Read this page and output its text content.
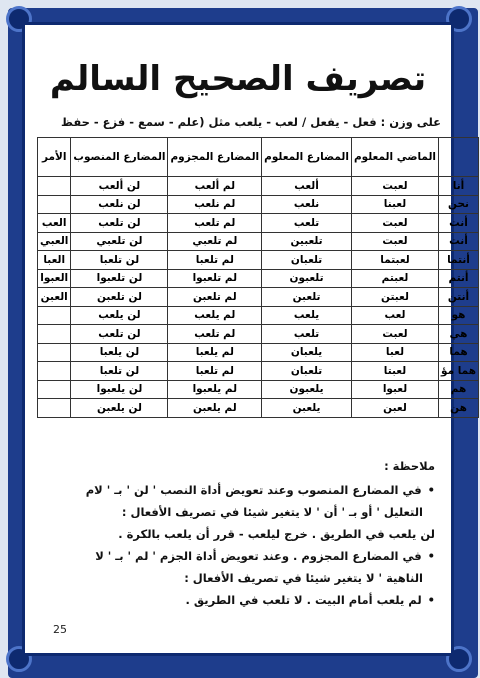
تصريف الصحيح السالم
على وزن : فعل - يفعل / لعب - يلعب مثل (علم - سمع - فزع - حفظ
	الماضي المعلوم	المضارع المعلوم	المضارع المجزوم	المضارع المنصوب	الأمر
أنا	لعبت	ألعب	لم ألعب	لن ألعب	
نحن	لعبنا	نلعب	لم نلعب	لن نلعب	
أنت	لعبت	تلعب	لم تلعب	لن تلعب	العب
أنت	لعبت	تلعبين	لم تلعبي	لن تلعبي	العبي
أنتما	لعبتما	تلعبان	لم تلعبا	لن تلعبا	العبا
أنتم	لعبتم	تلعبون	لم تلعبوا	لن تلعبوا	العبوا
أنتن	لعبتن	تلعبن	لم تلعبن	لن تلعبن	العبن
هو	لعب	يلعب	لم يلعب	لن يلعب	
هي	لعبت	تلعب	لم تلعب	لن تلعب	
هما	لعبا	يلعبان	لم يلعبا	لن يلعبا	
هما مؤ	لعبتا	تلعبان	لم تلعبا	لن تلعبا	
هم	لعبوا	يلعبون	لم يلعبوا	لن يلعبوا	
هن	لعبن	يلعبن	لم يلعبن	لن يلعبن	
ملاحظة :
• في المضارع المنصوب وعند تعويض أداة النصب ' لن ' بـ ' لام
التعليل ' أو بـ ' أن ' لا يتغير شيئا في تصريف الأفعال :
لن يلعب في الطريق . خرج ليلعب - قرر أن يلعب بالكرة .
• في المضارع المجزوم . وعند تعويض أداة الجزم ' لم ' بـ ' لا
الناهية ' لا يتغير شيئا في تصريف الأفعال :
• لم يلعب أمام البيت . لا تلعب في الطريق .
25
